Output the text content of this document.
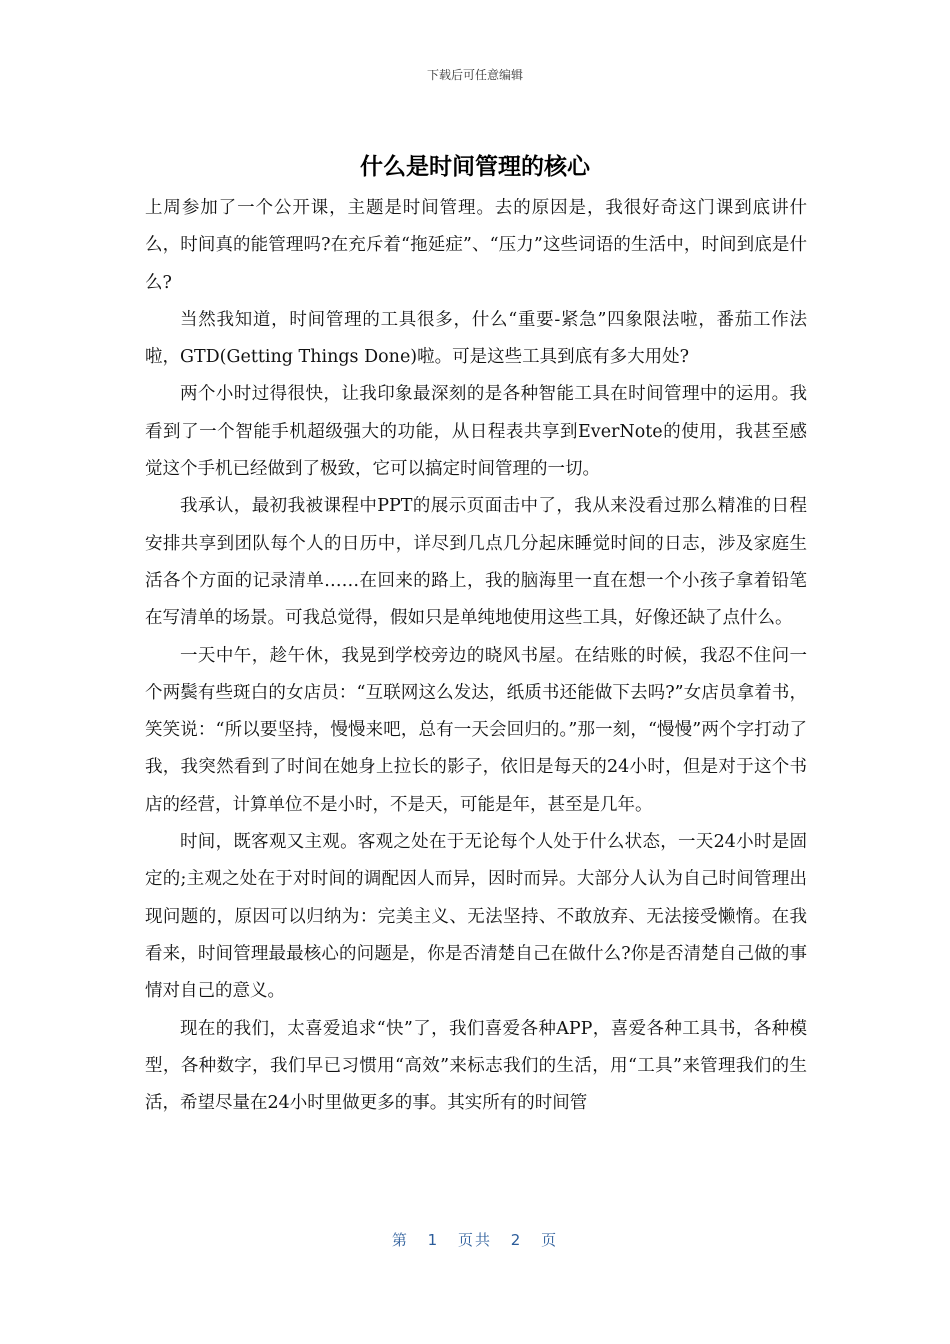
下载后可任意编辑
什么是时间管理的核心

上周参加了一个公开课，主题是时间管理。去的原因是，我很好奇这门课到底讲什么，时间真的能管理吗?在充斥着“拖延症”、“压力”这些词语的生活中，时间到底是什么?

当然我知道，时间管理的工具很多，什么“重要-紧急”四象限法啦，番茄工作法啦，GTD(Getting Things Done)啦。可是这些工具到底有多大用处?

两个小时过得很快，让我印象最深刻的是各种智能工具在时间管理中的运用。我看到了一个智能手机超级强大的功能，从日程表共享到EverNote的使用，我甚至感觉这个手机已经做到了极致，它可以搞定时间管理的一切。

我承认，最初我被课程中PPT的展示页面击中了，我从来没看过那么精准的日程安排共享到团队每个人的日历中，详尽到几点几分起床睡觉时间的日志，涉及家庭生活各个方面的记录清单……在回来的路上，我的脑海里一直在想一个小孩子拿着铅笔在写清单的场景。可我总觉得，假如只是单纯地使用这些工具，好像还缺了点什么。

一天中午，趁午休，我晃到学校旁边的晓风书屋。在结账的时候，我忍不住问一个两鬓有些斑白的女店员：“互联网这么发达，纸质书还能做下去吗?”女店员拿着书，笑笑说：“所以要坚持，慢慢来吧，总有一天会回归的。”那一刻，“慢慢”两个字打动了我，我突然看到了时间在她身上拉长的影子，依旧是每天的24小时，但是对于这个书店的经营，计算单位不是小时，不是天，可能是年，甚至是几年。

时间，既客观又主观。客观之处在于无论每个人处于什么状态，一天24小时是固定的;主观之处在于对时间的调配因人而异，因时而异。大部分人认为自己时间管理出现问题的，原因可以归纳为：完美主义、无法坚持、不敢放弃、无法接受懒惰。在我看来，时间管理最最核心的问题是，你是否清楚自己在做什么?你是否清楚自己做的事情对自己的意义。

现在的我们，太喜爱追求“快”了，我们喜爱各种APP，喜爱各种工具书，各种模型，各种数字，我们早已习惯用“高效”来标志我们的生活，用“工具”来管理我们的生活，希望尽量在24小时里做更多的事。其实所有的时间管

第 1 页共 2 页
